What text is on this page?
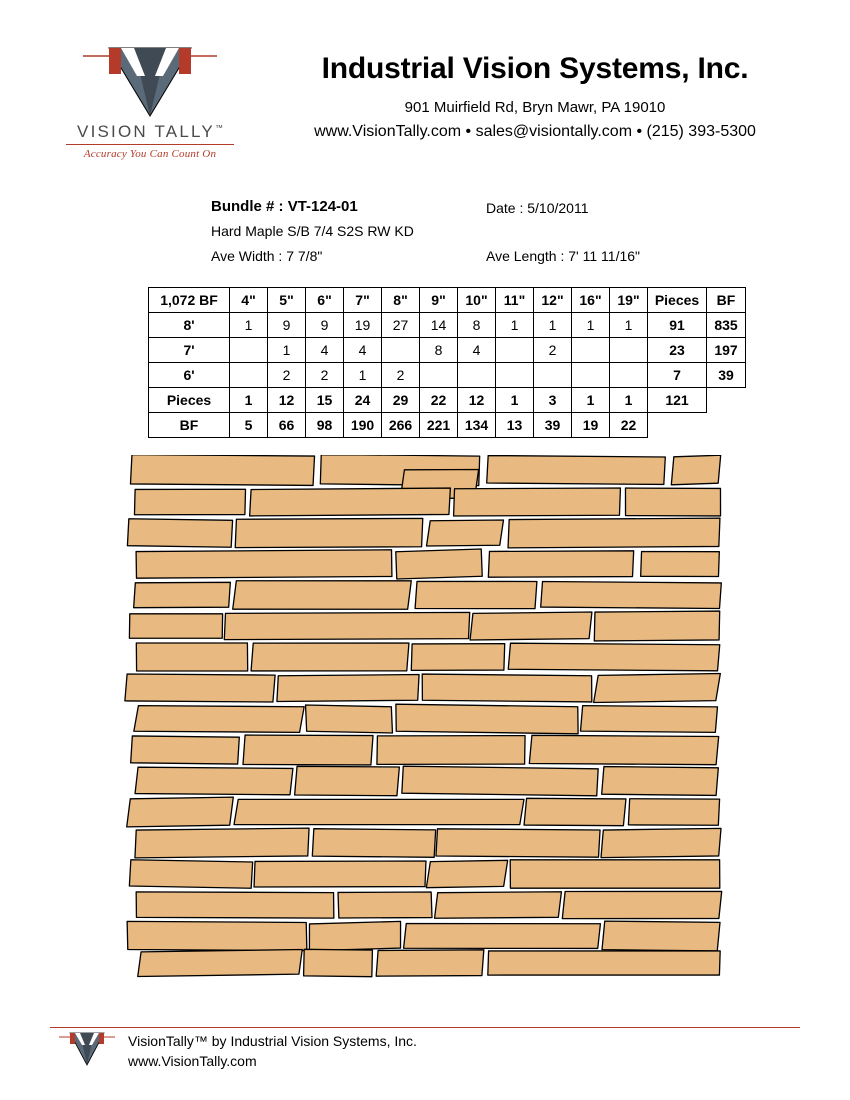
VISION TALLY™
Accuracy You Can Count On
Industrial Vision Systems, Inc.
901 Muirfield Rd, Bryn Mawr, PA 19010
www.VisionTally.com • sales@visiontally.com • (215) 393-5300
Bundle # : VT-124-01	Date : 5/10/2011
Hard Maple S/B 7/4 S2S RW KD
Ave Width : 7 7/8"	Ave Length : 7' 11 11/16"
1,072 BF	4"	5"	6"	7"	8"	9"	10"	11"	12"	16"	19"	Pieces	BF
8'	1	9	9	19	27	14	8	1	1	1	1	91	835
7'		1	4	4		8	4		2			23	197
6'		2	2	1	2							7	39
Pieces	1	12	15	24	29	22	12	1	3	1	1	121	
BF	5	66	98	190	266	221	134	13	39	19	22		
VisionTally™ by Industrial Vision Systems, Inc.
www.VisionTally.com
